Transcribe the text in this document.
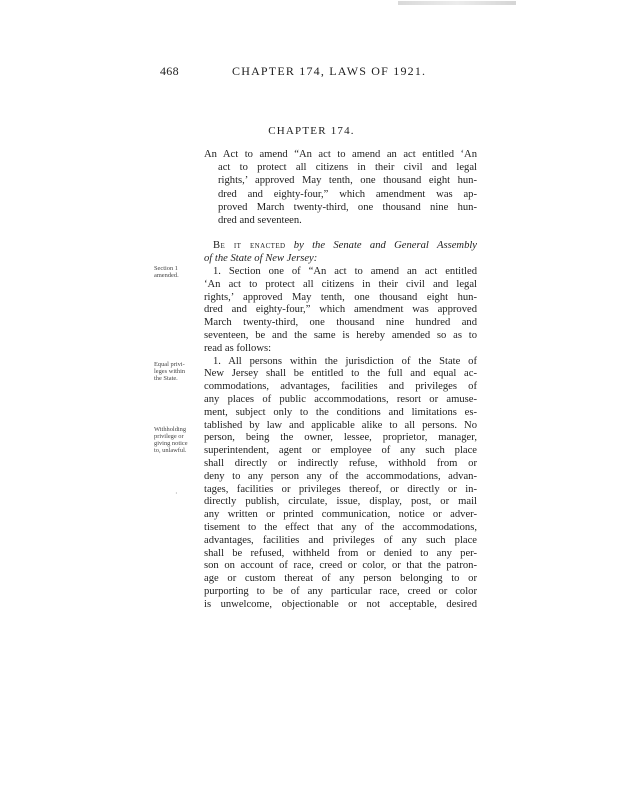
468	CHAPTER 174, LAWS OF 1921.
CHAPTER 174.
An Act to amend “An act to amend an act entitled ‘An
act to protect all citizens in their civil and legal
rights,’ approved May tenth, one thousand eight hun-
dred and eighty-four,” which amendment was ap-
proved March twenty-third, one thousand nine hun-
dred and seventeen.
Be it enacted by the Senate and General Assembly
of the State of New Jersey:
Section 1
amended.
Equal privi-
leges within
the State.
Withholding
privilege or
giving notice
to, unlawful.
·
1. Section one of “An act to amend an act entitled
‘An act to protect all citizens in their civil and legal
rights,’ approved May tenth, one thousand eight hun-
dred and eighty-four,” which amendment was approved
March twenty-third, one thousand nine hundred and
seventeen, be and the same is hereby amended so as to
read as follows:
1. All persons within the jurisdiction of the State of
New Jersey shall be entitled to the full and equal ac-
commodations, advantages, facilities and privileges of
any places of public accommodations, resort or amuse-
ment, subject only to the conditions and limitations es-
tablished by law and applicable alike to all persons. No
person, being the owner, lessee, proprietor, manager,
superintendent, agent or employee of any such place
shall directly or indirectly refuse, withhold from or
deny to any person any of the accommodations, advan-
tages, facilities or privileges thereof, or directly or in-
directly publish, circulate, issue, display, post, or mail
any written or printed communication, notice or adver-
tisement to the effect that any of the accommodations,
advantages, facilities and privileges of any such place
shall be refused, withheld from or denied to any per-
son on account of race, creed or color, or that the patron-
age or custom thereat of any person belonging to or
purporting to be of any particular race, creed or color
is unwelcome, objectionable or not acceptable, desired
